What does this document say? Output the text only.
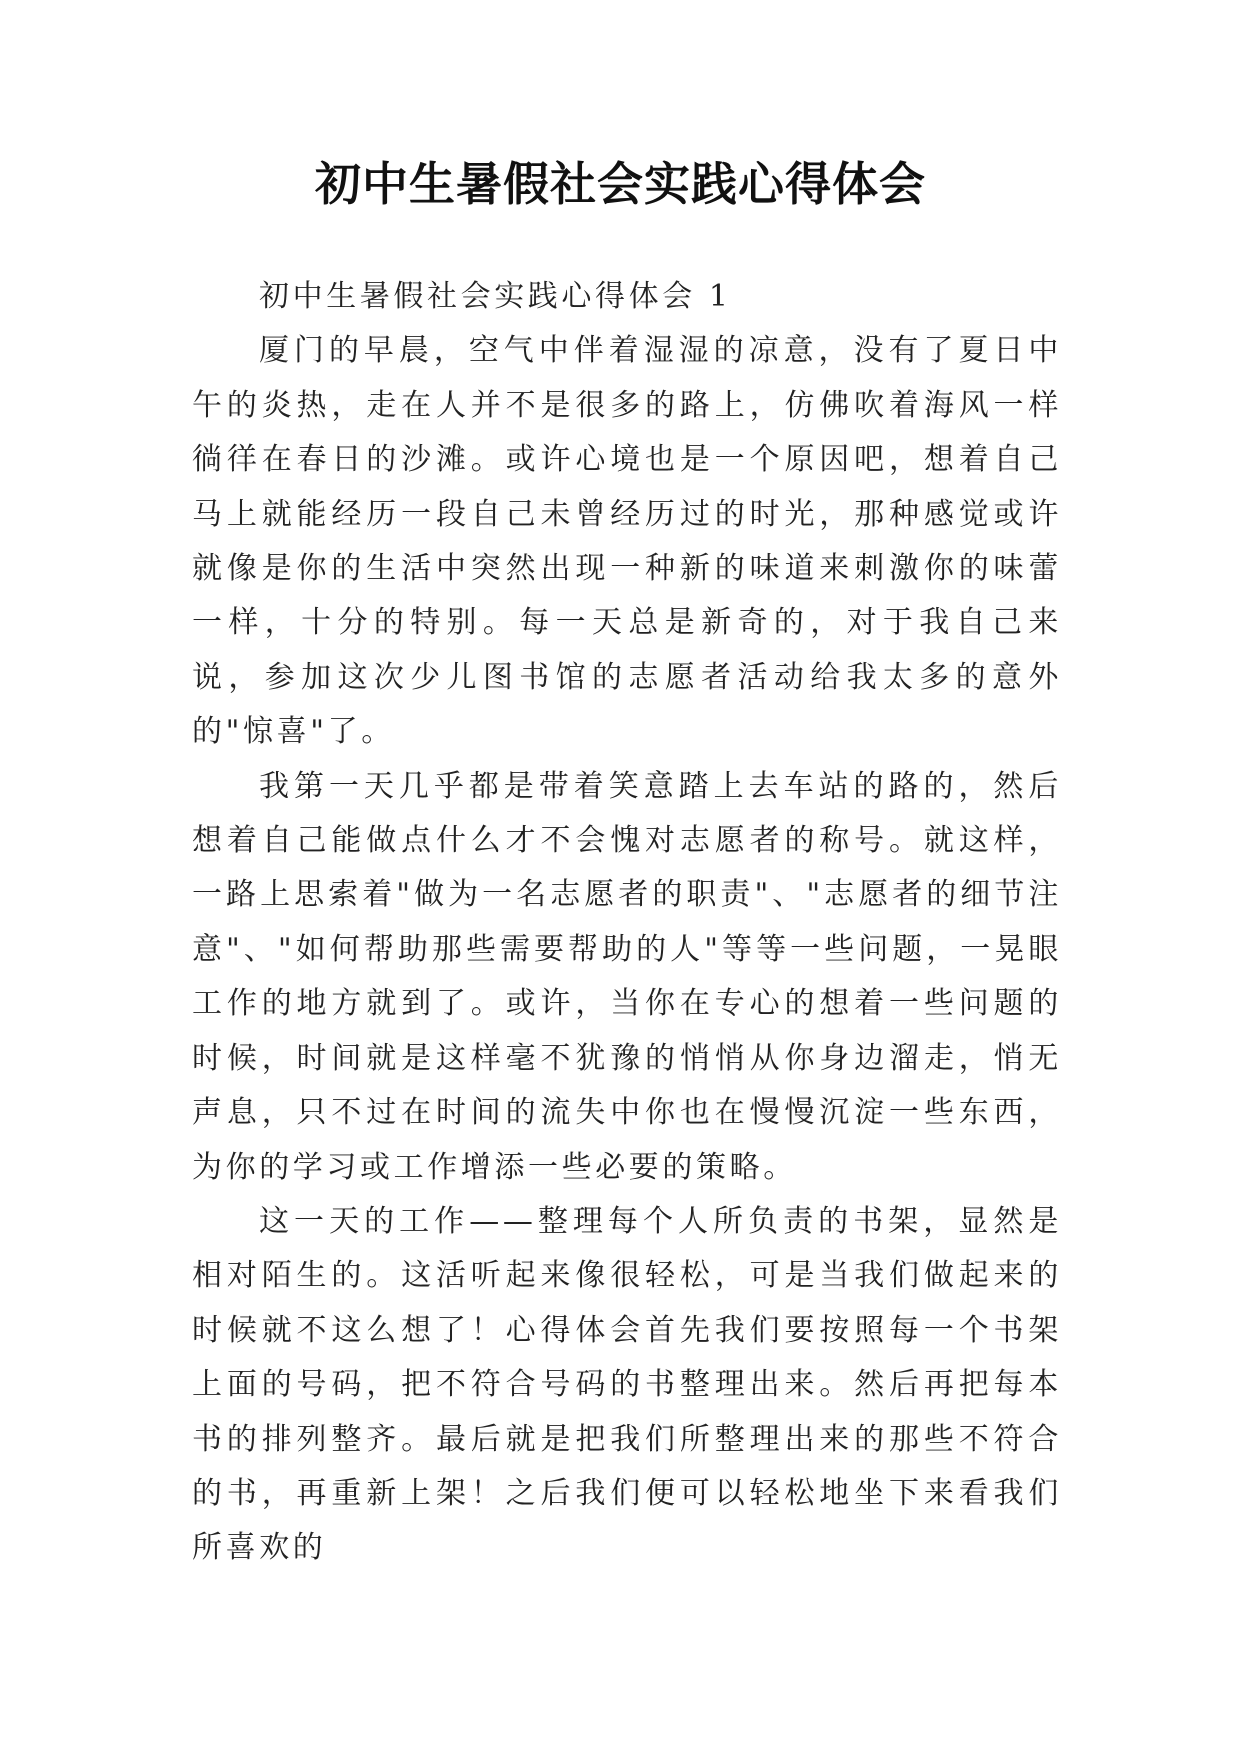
初中生暑假社会实践心得体会

初中生暑假社会实践心得体会 1

厦门的早晨，空气中伴着湿湿的凉意，没有了夏日中午的炎热，走在人并不是很多的路上，仿佛吹着海风一样徜徉在春日的沙滩。或许心境也是一个原因吧，想着自己马上就能经历一段自己未曾经历过的时光，那种感觉或许就像是你的生活中突然出现一种新的味道来刺激你的味蕾一样，十分的特别。每一天总是新奇的，对于我自己来说，参加这次少儿图书馆的志愿者活动给我太多的意外的"惊喜"了。

我第一天几乎都是带着笑意踏上去车站的路的，然后想着自己能做点什么才不会愧对志愿者的称号。就这样，一路上思索着"做为一名志愿者的职责"、"志愿者的细节注意"、"如何帮助那些需要帮助的人"等等一些问题，一晃眼工作的地方就到了。或许，当你在专心的想着一些问题的时候，时间就是这样毫不犹豫的悄悄从你身边溜走，悄无声息，只不过在时间的流失中你也在慢慢沉淀一些东西，为你的学习或工作增添一些必要的策略。

这一天的工作——整理每个人所负责的书架，显然是相对陌生的。这活听起来像很轻松，可是当我们做起来的时候就不这么想了！心得体会首先我们要按照每一个书架上面的号码，把不符合号码的书整理出来。然后再把每本书的排列整齐。最后就是把我们所整理出来的那些不符合的书，再重新上架！之后我们便可以轻松地坐下来看我们所喜欢的
